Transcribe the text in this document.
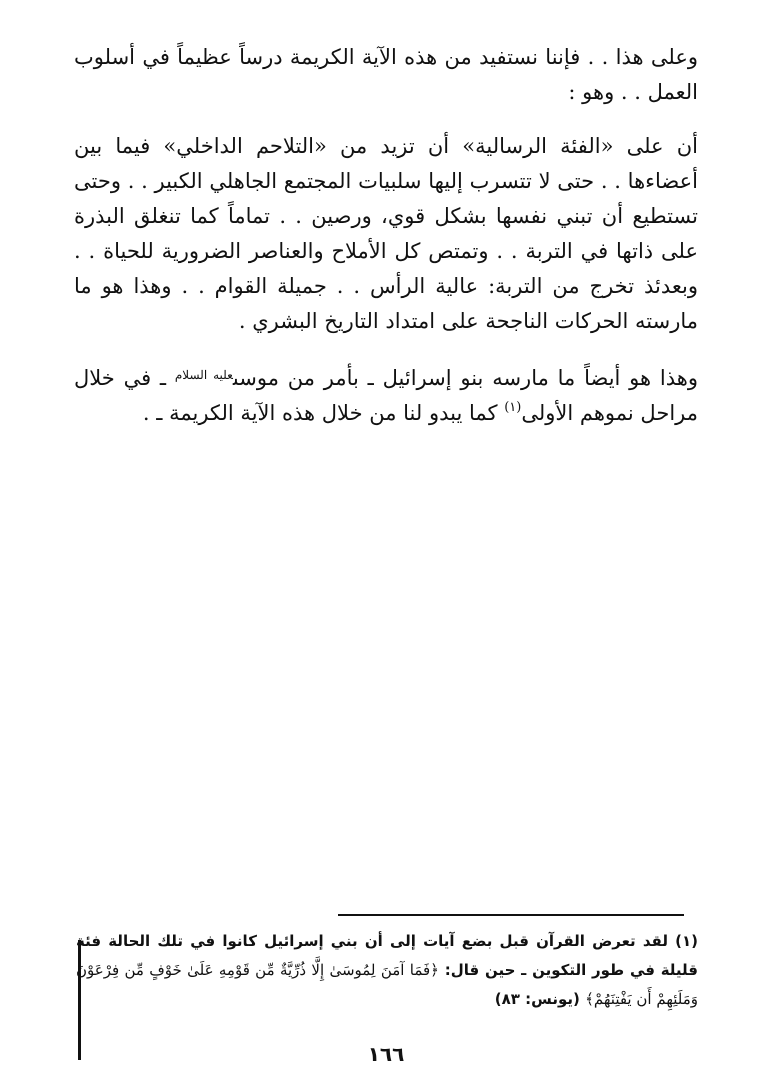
وعلى هذا . . فإننا نستفيد من هذه الآية الكريمة درساً عظيماً في أسلوب العمل . . وهو :

أن على «الفئة الرسالية» أن تزيد من «التلاحم الداخلي» فيما بين أعضاءها . . حتى لا تتسرب إليها سلبيات المجتمع الجاهلي الكبير . . وحتى تستطيع أن تبني نفسها بشكل قوي، ورصين . . تماماً كما تنغلق البذرة على ذاتها في التربة . . وتمتص كل الأملاح والعناصر الضرورية للحياة . . وبعدئذ تخرج من التربة: عالية الرأس . . جميلة القوام . . وهذا هو ما مارسته الحركات الناجحة على امتداد التاريخ البشري .

وهذا هو أيضاً ما مارسه بنو إسرائيل ـ بأمر من موسى$^{عليه السلام}$ ـ في خلال مراحل نموهم الأولى$^{(١)}$ كما يبدو لنا من خلال هذه الآية الكريمة ـ .

(١) لقد تعرض القرآن قبل بضع آيات إلى أن بني إسرائيل كانوا في تلك الحالة فئة قليلة في طور التكوين ـ حين قال: ﴿فَمَا آمَنَ لِمُوسَىٰ إِلَّا ذُرِّيَّةٌ مِّن قَوْمِهِ عَلَىٰ خَوْفٍ مِّن فِرْعَوْنَ وَمَلَئِهِمْ أَن يَفْتِنَهُمْ﴾ (يونس: ٨٣)

١٦٦
